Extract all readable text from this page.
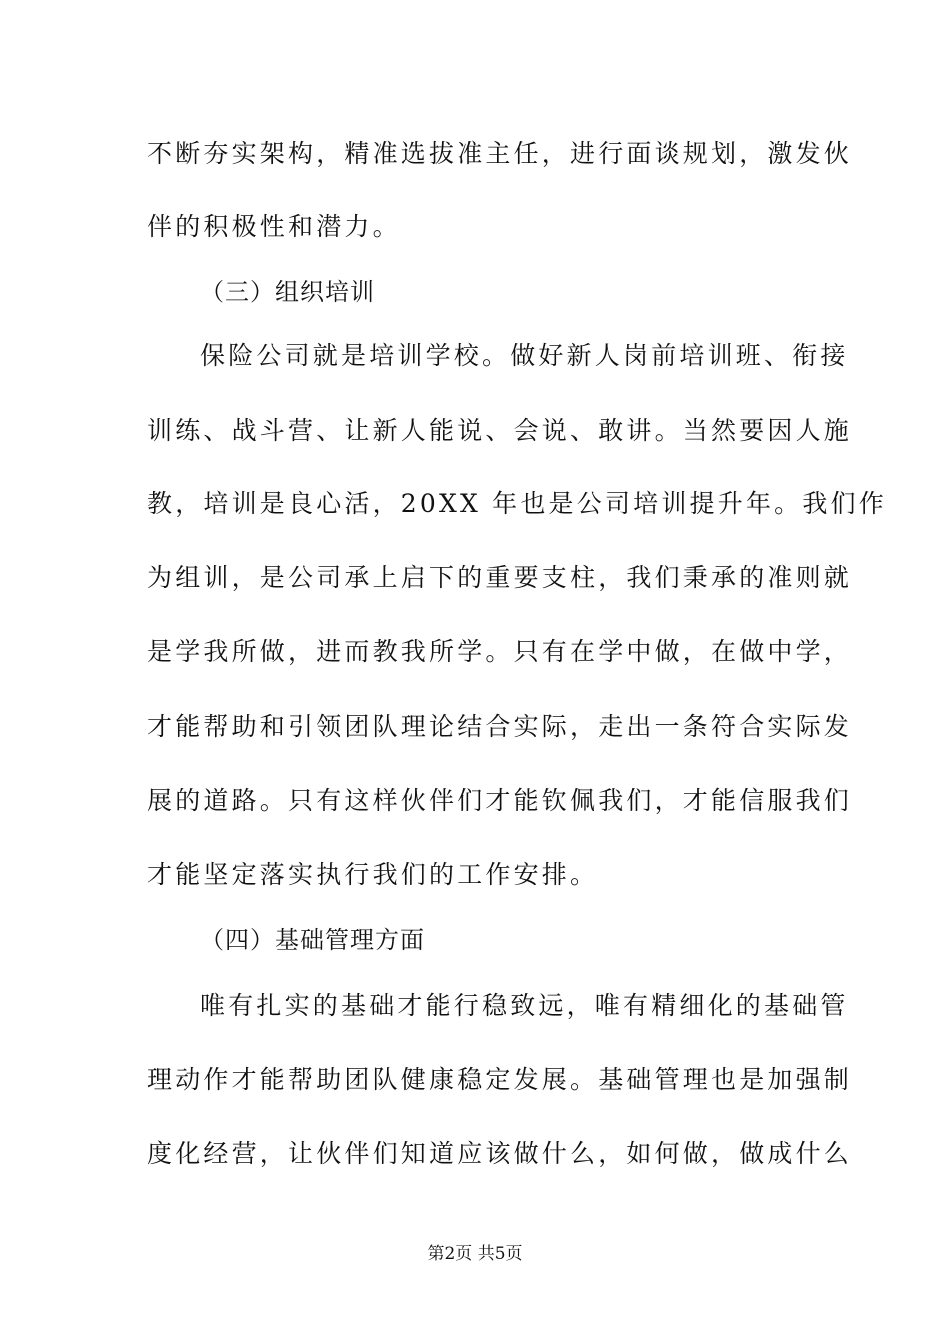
不断夯实架构，精准选拔准主任，进行面谈规划，激发伙
伴的积极性和潜力。
（三）组织培训
保险公司就是培训学校。做好新人岗前培训班、衔接
训练、战斗营、让新人能说、会说、敢讲。当然要因人施
教，培训是良心活，20XX 年也是公司培训提升年。我们作
为组训，是公司承上启下的重要支柱，我们秉承的准则就
是学我所做，进而教我所学。只有在学中做，在做中学，
才能帮助和引领团队理论结合实际，走出一条符合实际发
展的道路。只有这样伙伴们才能钦佩我们，才能信服我们
才能坚定落实执行我们的工作安排。
（四）基础管理方面
唯有扎实的基础才能行稳致远，唯有精细化的基础管
理动作才能帮助团队健康稳定发展。基础管理也是加强制
度化经营，让伙伴们知道应该做什么，如何做，做成什么
第2页 共5页
